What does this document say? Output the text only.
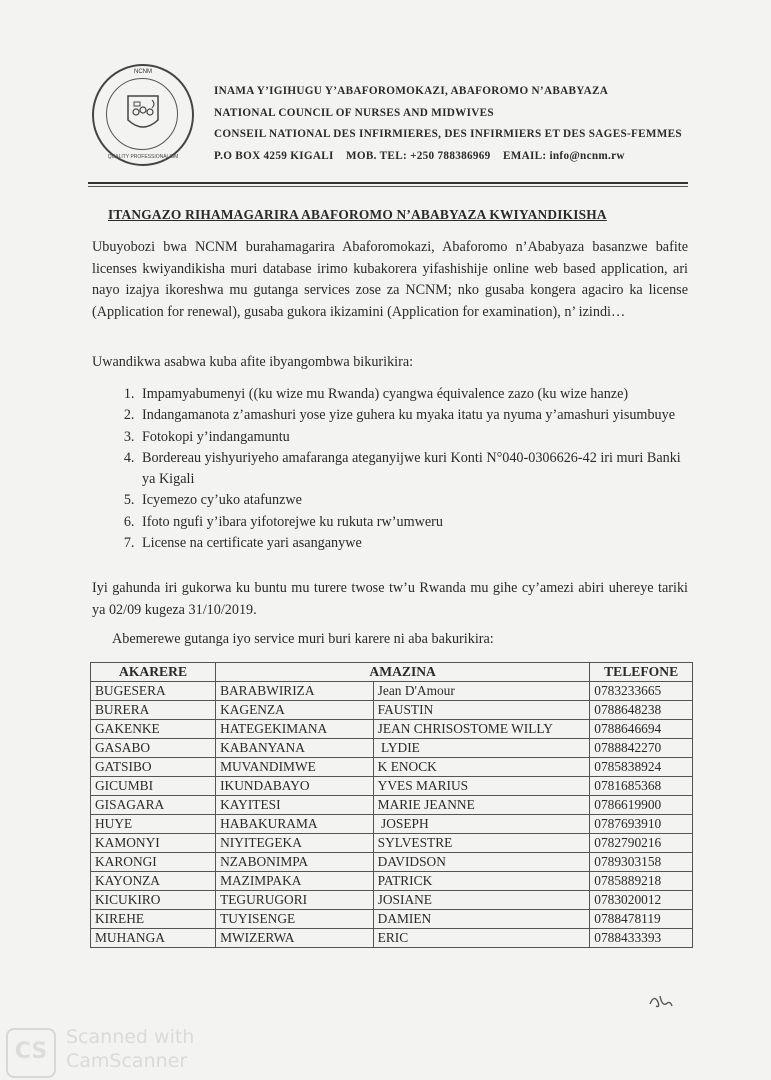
NCNM
QUALITY PROFESSIONALISM
INAMA Y’IGIHUGU Y’ABAFOROMOKAZI, ABAFOROMO N’ABABYAZA
NATIONAL COUNCIL OF NURSES AND MIDWIVES
CONSEIL NATIONAL DES INFIRMIERES, DES INFIRMIERS ET DES SAGES-FEMMES
P.O BOX 4259 KIGALI    MOB. TEL: +250 788386969    EMAIL: info@ncnm.rw
ITANGAZO RIHAMAGARIRA ABAFOROMO N’ABABYAZA KWIYANDIKISHA
Ubuyobozi bwa NCNM burahamagarira Abaforomokazi, Abaforomo n’Ababyaza basanzwe bafite licenses kwiyandikisha muri database irimo kubakorera yifashishije online web based application, ari nayo izajya ikoreshwa mu gutanga services zose za NCNM; nko gusaba kongera agaciro ka license (Application for renewal), gusaba gukora ikizamini (Application for examination), n’ izindi…
Uwandikwa asabwa kuba afite ibyangombwa bikurikira:
1. Impamyabumenyi ((ku wize mu Rwanda) cyangwa équivalence zazo (ku wize hanze)
2. Indangamanota z’amashuri yose yize guhera ku myaka itatu ya nyuma y’amashuri yisumbuye
3. Fotokopi y’indangamuntu
4. Bordereau yishyuriyeho amafaranga ateganyijwe kuri Konti N°040-0306626-42 iri muri Banki ya Kigali
5. Icyemezo cy’uko atafunzwe
6. Ifoto ngufi y’ibara yifotorejwe ku rukuta rw’umweru
7. License na certificate yari asanganywe
Iyi gahunda iri gukorwa ku buntu mu turere twose tw’u Rwanda mu gihe cy’amezi abiri uhereye tariki ya 02/09 kugeza 31/10/2019.
Abemerewe gutanga iyo service muri buri karere ni aba bakurikira:
AKARERE	AMAZINA		TELEFONE
BUGESERA	BARABWIRIZA	Jean D'Amour	0783233665
BURERA	KAGENZA	FAUSTIN	0788648238
GAKENKE	HATEGEKIMANA	JEAN CHRISOSTOME WILLY	0788646694
GASABO	KABANYANA	LYDIE	0788842270
GATSIBO	MUVANDIMWE	K ENOCK	0785838924
GICUMBI	IKUNDABAYO	YVES MARIUS	0781685368
GISAGARA	KAYITESI	MARIE JEANNE	0786619900
HUYE	HABAKURAMA	JOSEPH	0787693910
KAMONYI	NIYITEGEKA	SYLVESTRE	0782790216
KARONGI	NZABONIMPA	DAVIDSON	0789303158
KAYONZA	MAZIMPAKA	PATRICK	0785889218
KICUKIRO	TEGURUGORI	JOSIANE	0783020012
KIREHE	TUYISENGE	DAMIEN	0788478119
MUHANGA	MWIZERWA	ERIC	0788433393
CS
Scanned with
CamScanner
